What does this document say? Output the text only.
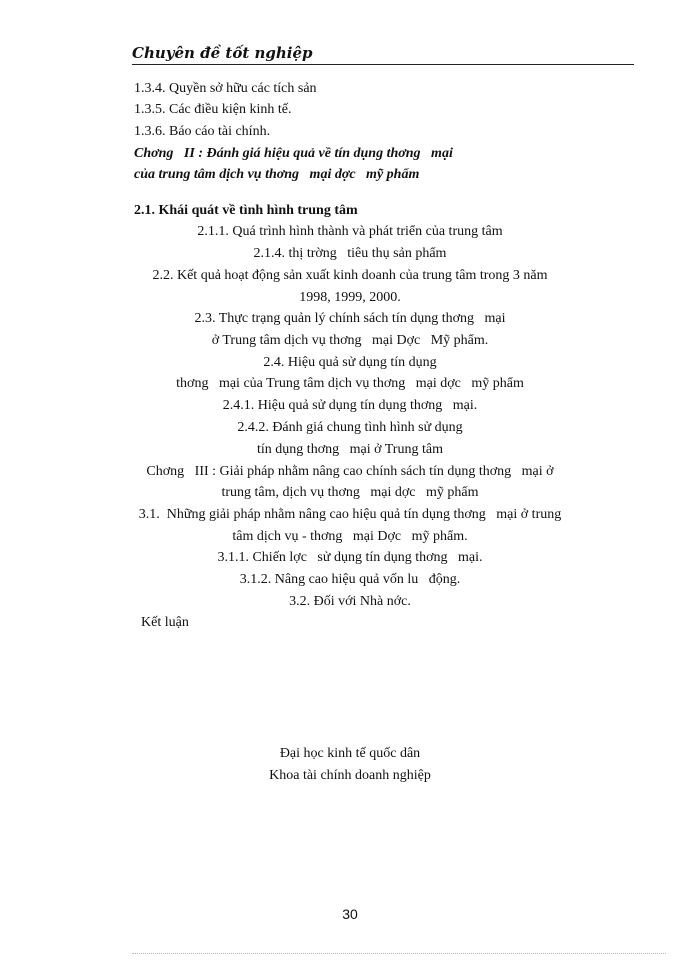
Chuyên đề tốt nghiệp
1.3.4. Quyền sở hữu các tích sản
1.3.5. Các điều kiện kinh tế.
1.3.6. Báo cáo tài chính.
Chơng   II : Đánh giá hiệu quả về tín dụng thơng   mại
của trung tâm dịch vụ thơng   mại dợc   mỹ phẩm
2.1. Khái quát về tình hình trung tâm
2.1.1. Quá trình hình thành và phát triển của trung tâm
2.1.4. thị trờng   tiêu thụ sản phẩm
2.2. Kết quả hoạt động sản xuất kinh doanh của trung tâm trong 3 năm
1998, 1999, 2000.
2.3. Thực trạng quản lý chính sách tín dụng thơng   mại
ở Trung tâm dịch vụ thơng   mại Dợc   Mỹ phẩm.
2.4. Hiệu quả sử dụng tín dụng
thơng   mại của Trung tâm dịch vụ thơng   mại dợc   mỹ phẩm
2.4.1. Hiệu quả sử dụng tín dụng thơng   mại.
2.4.2. Đánh giá chung tình hình sử dụng
tín dụng thơng   mại ở Trung tâm
Chơng   III : Giải pháp nhằm nâng cao chính sách tín dụng thơng   mại ở
trung tâm, dịch vụ thơng   mại dợc   mỹ phẩm
3.1.  Những giải pháp nhằm nâng cao hiệu quả tín dụng thơng   mại ở trung
tâm dịch vụ - thơng   mại Dợc   mỹ phẩm.
3.1.1. Chiến lợc   sử dụng tín dụng thơng   mại.
3.1.2. Nâng cao hiệu quả vốn lu   động.
3.2. Đối với Nhà nớc.
Kết luận
Đại học kinh tế quốc dân
Khoa tài chính doanh nghiệp
30
